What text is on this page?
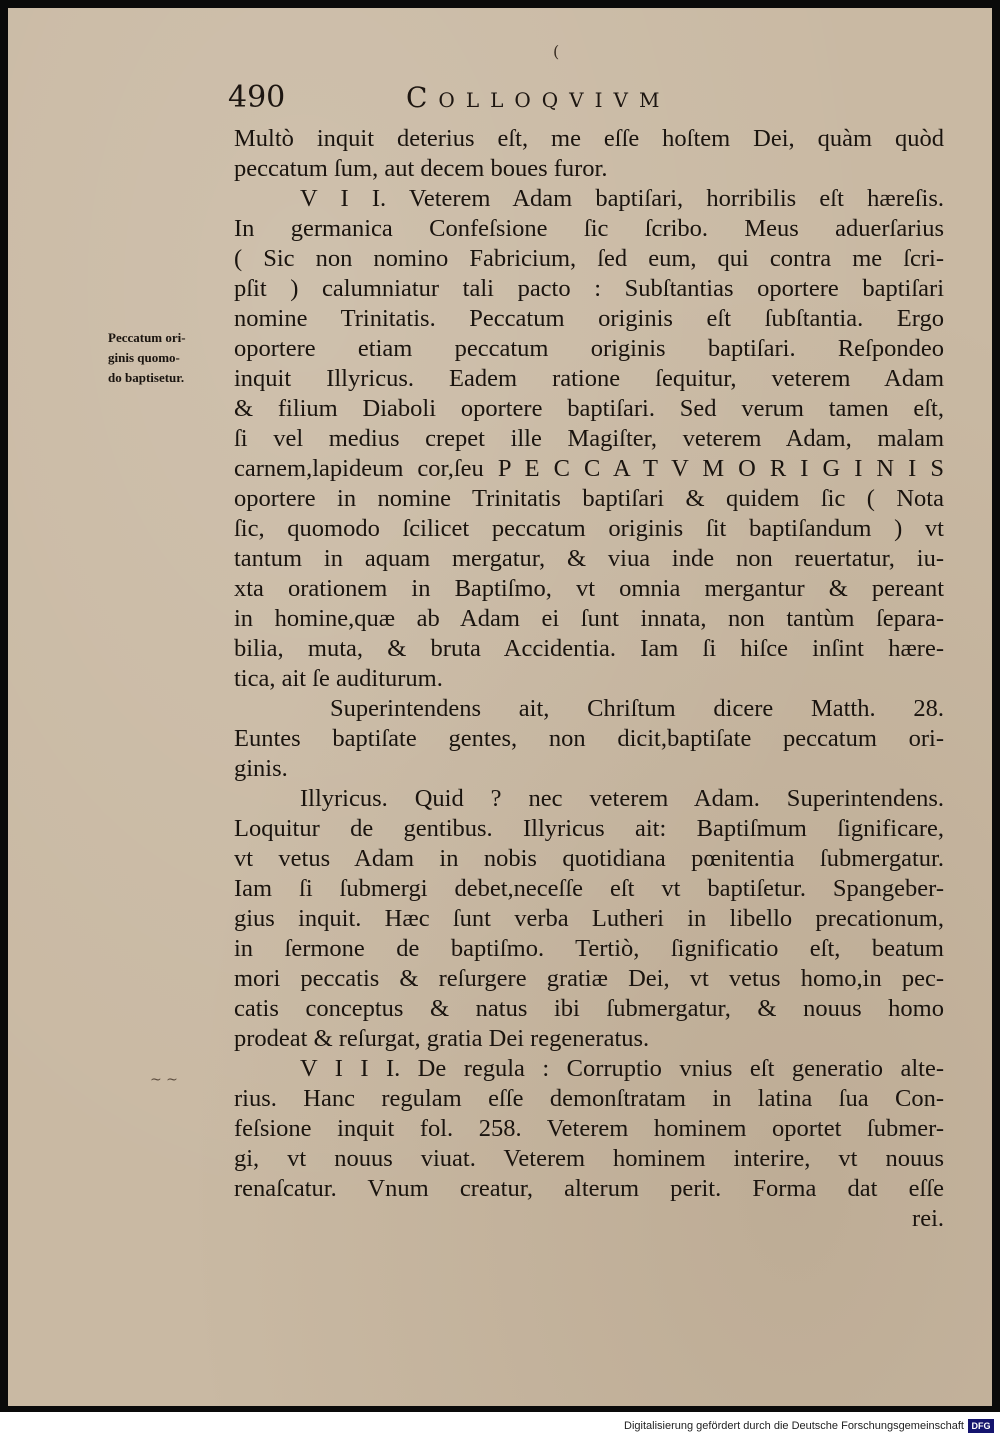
(
490	Colloqvivm
Peccatum ori-
ginis quomo-
do baptisetur.
~ ~
Multò inquit deterius eſt, me eſſe hoſtem Dei, quàm quòd
peccatum ſum, aut decem boues furor.
V I I. Veterem Adam baptiſari, horribilis eſt hæreſis.
In germanica Confeſsione ſic ſcribo. Meus aduerſarius
( Sic non nomino Fabricium, ſed eum, qui contra me ſcri-
pſit ) calumniatur tali pacto : Subſtantias oportere baptiſari
nomine Trinitatis. Peccatum originis eſt ſubſtantia. Ergo
oportere etiam peccatum originis baptiſari. Reſpondeo
inquit Illyricus. Eadem ratione ſequitur, veterem Adam
& filium Diaboli oportere baptiſari. Sed verum tamen eſt,
ſi vel medius crepet ille Magiſter, veterem Adam, malam
carnem,lapideum cor,ſeu P E C C A T V M O R I G I N I S
oportere in nomine Trinitatis baptiſari & quidem ſic ( Nota
ſic, quomodo ſcilicet peccatum originis ſit baptiſandum ) vt
tantum in aquam mergatur, & viua inde non reuertatur, iu-
xta orationem in Baptiſmo, vt omnia mergantur & pereant
in homine,quæ ab Adam ei ſunt innata, non tantùm ſepara-
bilia, muta, & bruta Accidentia. Iam ſi hiſce inſint hære-
tica, ait ſe auditurum.
Superintendens ait, Chriſtum dicere Matth. 28.
Euntes baptiſate gentes, non dicit,baptiſate peccatum ori-
ginis.
Illyricus. Quid ? nec veterem Adam. Superintendens.
Loquitur de gentibus. Illyricus ait: Baptiſmum ſignificare,
vt vetus Adam in nobis quotidiana pœnitentia ſubmergatur.
Iam ſi ſubmergi debet,neceſſe eſt vt baptiſetur. Spangeber-
gius inquit. Hæc ſunt verba Lutheri in libello precationum,
in ſermone de baptiſmo. Tertiò, ſignificatio eſt, beatum
mori peccatis & reſurgere gratiæ Dei, vt vetus homo,in pec-
catis conceptus & natus ibi ſubmergatur, & nouus homo
prodeat & reſurgat, gratia Dei regeneratus.
V I I I. De regula : Corruptio vnius eſt generatio alte-
rius. Hanc regulam eſſe demonſtratam in latina ſua Con-
feſsione inquit fol. 258. Veterem hominem oportet ſubmer-
gi, vt nouus viuat. Veterem hominem interire, vt nouus
renaſcatur. Vnum creatur, alterum perit. Forma dat eſſe
rei.
Digitalisierung gefördert durch die Deutsche Forschungsgemeinschaft DFG
